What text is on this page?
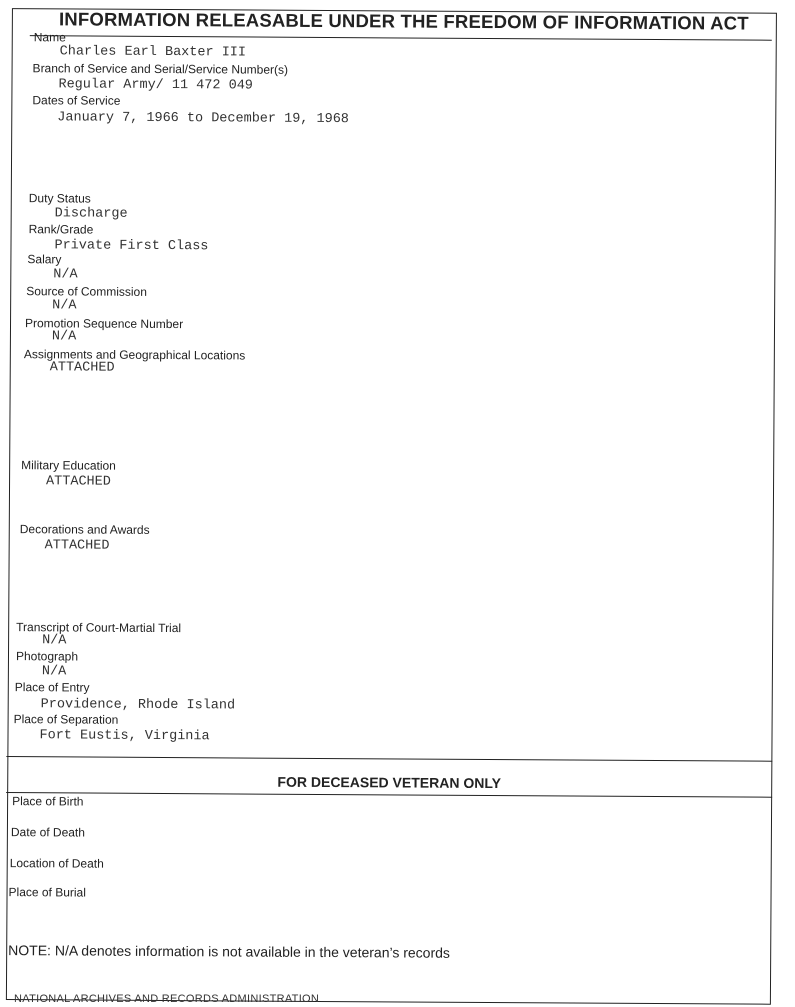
INFORMATION RELEASABLE UNDER THE FREEDOM OF INFORMATION ACT
Name
Charles Earl Baxter III
Branch of Service and Serial/Service Number(s)
Regular Army/ 11 472 049
Dates of Service
January 7, 1966 to December 19, 1968
Duty Status
Discharge
Rank/Grade
Private First Class
Salary
N/A
Source of Commission
N/A
Promotion Sequence Number
N/A
Assignments and Geographical Locations
ATTACHED
Military Education
ATTACHED
Decorations and Awards
ATTACHED
Transcript of Court-Martial Trial
N/A
Photograph
N/A
Place of Entry
Providence, Rhode Island
Place of Separation
Fort Eustis, Virginia
FOR DECEASED VETERAN ONLY
Place of Birth
Date of Death
Location of Death
Place of Burial
NOTE: N/A denotes information is not available in the veteran’s records
NATIONAL ARCHIVES AND RECORDS ADMINISTRATION
